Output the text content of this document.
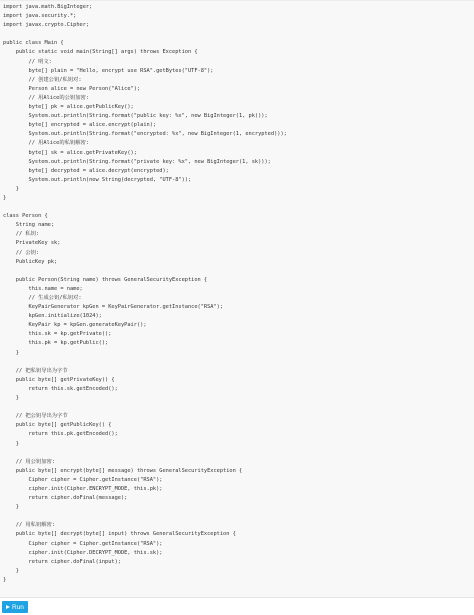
import java.math.BigInteger;
import java.security.*;
import javax.crypto.Cipher;
public class Main {
public static void main(String[] args) throws Exception {
// 明文:
byte[] plain = "Hello, encrypt use RSA".getBytes("UTF-8");
// 创建公钥/私钥对:
Person alice = new Person("Alice");
// 用Alice的公钥加密:
byte[] pk = alice.getPublicKey();
System.out.println(String.format("public key: %x", new BigInteger(1, pk)));
byte[] encrypted = alice.encrypt(plain);
System.out.println(String.format("encrypted: %x", new BigInteger(1, encrypted)));
// 用Alice的私钥解密:
byte[] sk = alice.getPrivateKey();
System.out.println(String.format("private key: %x", new BigInteger(1, sk)));
byte[] decrypted = alice.decrypt(encrypted);
System.out.println(new String(decrypted, "UTF-8"));
}
}
class Person {
String name;
// 私钥:
PrivateKey sk;
// 公钥:
PublicKey pk;
public Person(String name) throws GeneralSecurityException {
this.name = name;
// 生成公钥/私钥对:
KeyPairGenerator kpGen = KeyPairGenerator.getInstance("RSA");
kpGen.initialize(1024);
KeyPair kp = kpGen.generateKeyPair();
this.sk = kp.getPrivate();
this.pk = kp.getPublic();
}
// 把私钥导出为字节
public byte[] getPrivateKey() {
return this.sk.getEncoded();
}
// 把公钥导出为字节
public byte[] getPublicKey() {
return this.pk.getEncoded();
}
// 用公钥加密:
public byte[] encrypt(byte[] message) throws GeneralSecurityException {
Cipher cipher = Cipher.getInstance("RSA");
cipher.init(Cipher.ENCRYPT_MODE, this.pk);
return cipher.doFinal(message);
}
// 用私钥解密:
public byte[] decrypt(byte[] input) throws GeneralSecurityException {
Cipher cipher = Cipher.getInstance("RSA");
cipher.init(Cipher.DECRYPT_MODE, this.sk);
return cipher.doFinal(input);
}
}
Run
